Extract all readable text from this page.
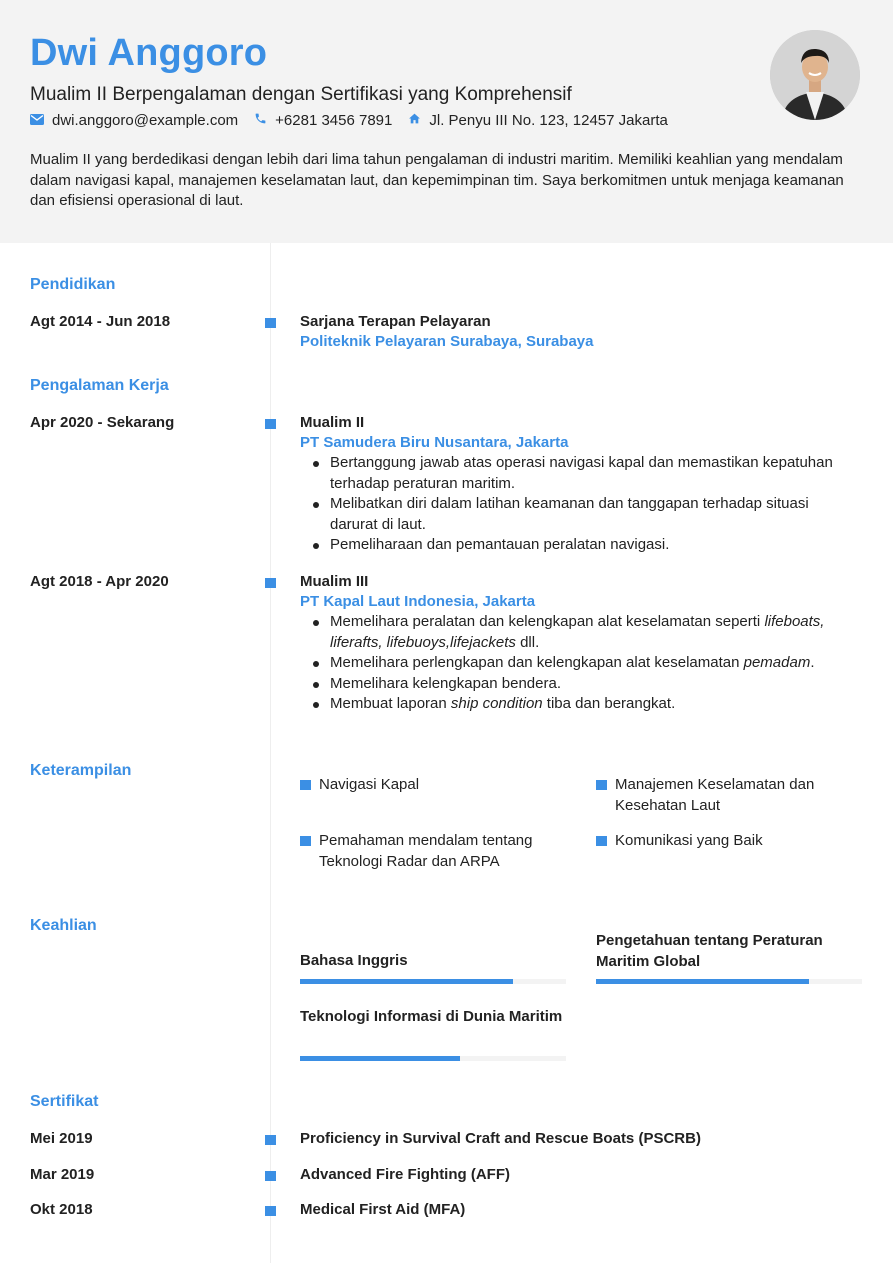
Dwi Anggoro
Mualim II Berpengalaman dengan Sertifikasi yang Komprehensif
dwi.anggoro@example.com +6281 3456 7891 Jl. Penyu III No. 123, 12457 Jakarta
Mualim II yang berdedikasi dengan lebih dari lima tahun pengalaman di industri maritim. Memiliki keahlian yang mendalam dalam navigasi kapal, manajemen keselamatan laut, dan kepemimpinan tim. Saya berkomitmen untuk menjaga keamanan dan efisiensi operasional di laut.
Pendidikan
Agt 2014 - Jun 2018	Sarjana Terapan Pelayaran
Politeknik Pelayaran Surabaya, Surabaya
Pengalaman Kerja
Apr 2020 - Sekarang	Mualim II
PT Samudera Biru Nusantara, Jakarta
Bertanggung jawab atas operasi navigasi kapal dan memastikan kepatuhan terhadap peraturan maritim.
Melibatkan diri dalam latihan keamanan dan tanggapan terhadap situasi darurat di laut.
Pemeliharaan dan pemantauan peralatan navigasi.
Agt 2018 - Apr 2020	Mualim III
PT Kapal Laut Indonesia, Jakarta
Memelihara peralatan dan kelengkapan alat keselamatan seperti lifeboats, liferafts, lifebuoys,lifejackets dll.
Memelihara perlengkapan dan kelengkapan alat keselamatan pemadam.
Memelihara kelengkapan bendera.
Membuat laporan ship condition tiba dan berangkat.
Keterampilan
Navigasi Kapal	Manajemen Keselamatan dan Kesehatan Laut
Pemahaman mendalam tentang Teknologi Radar dan ARPA
Komunikasi yang Baik
Keahlian
Bahasa Inggris
Pengetahuan tentang Peraturan Maritim Global
Teknologi Informasi di Dunia Maritim
Sertifikat
Mei 2019	Proficiency in Survival Craft and Rescue Boats (PSCRB)
Mar 2019	Advanced Fire Fighting (AFF)
Okt 2018	Medical First Aid (MFA)
